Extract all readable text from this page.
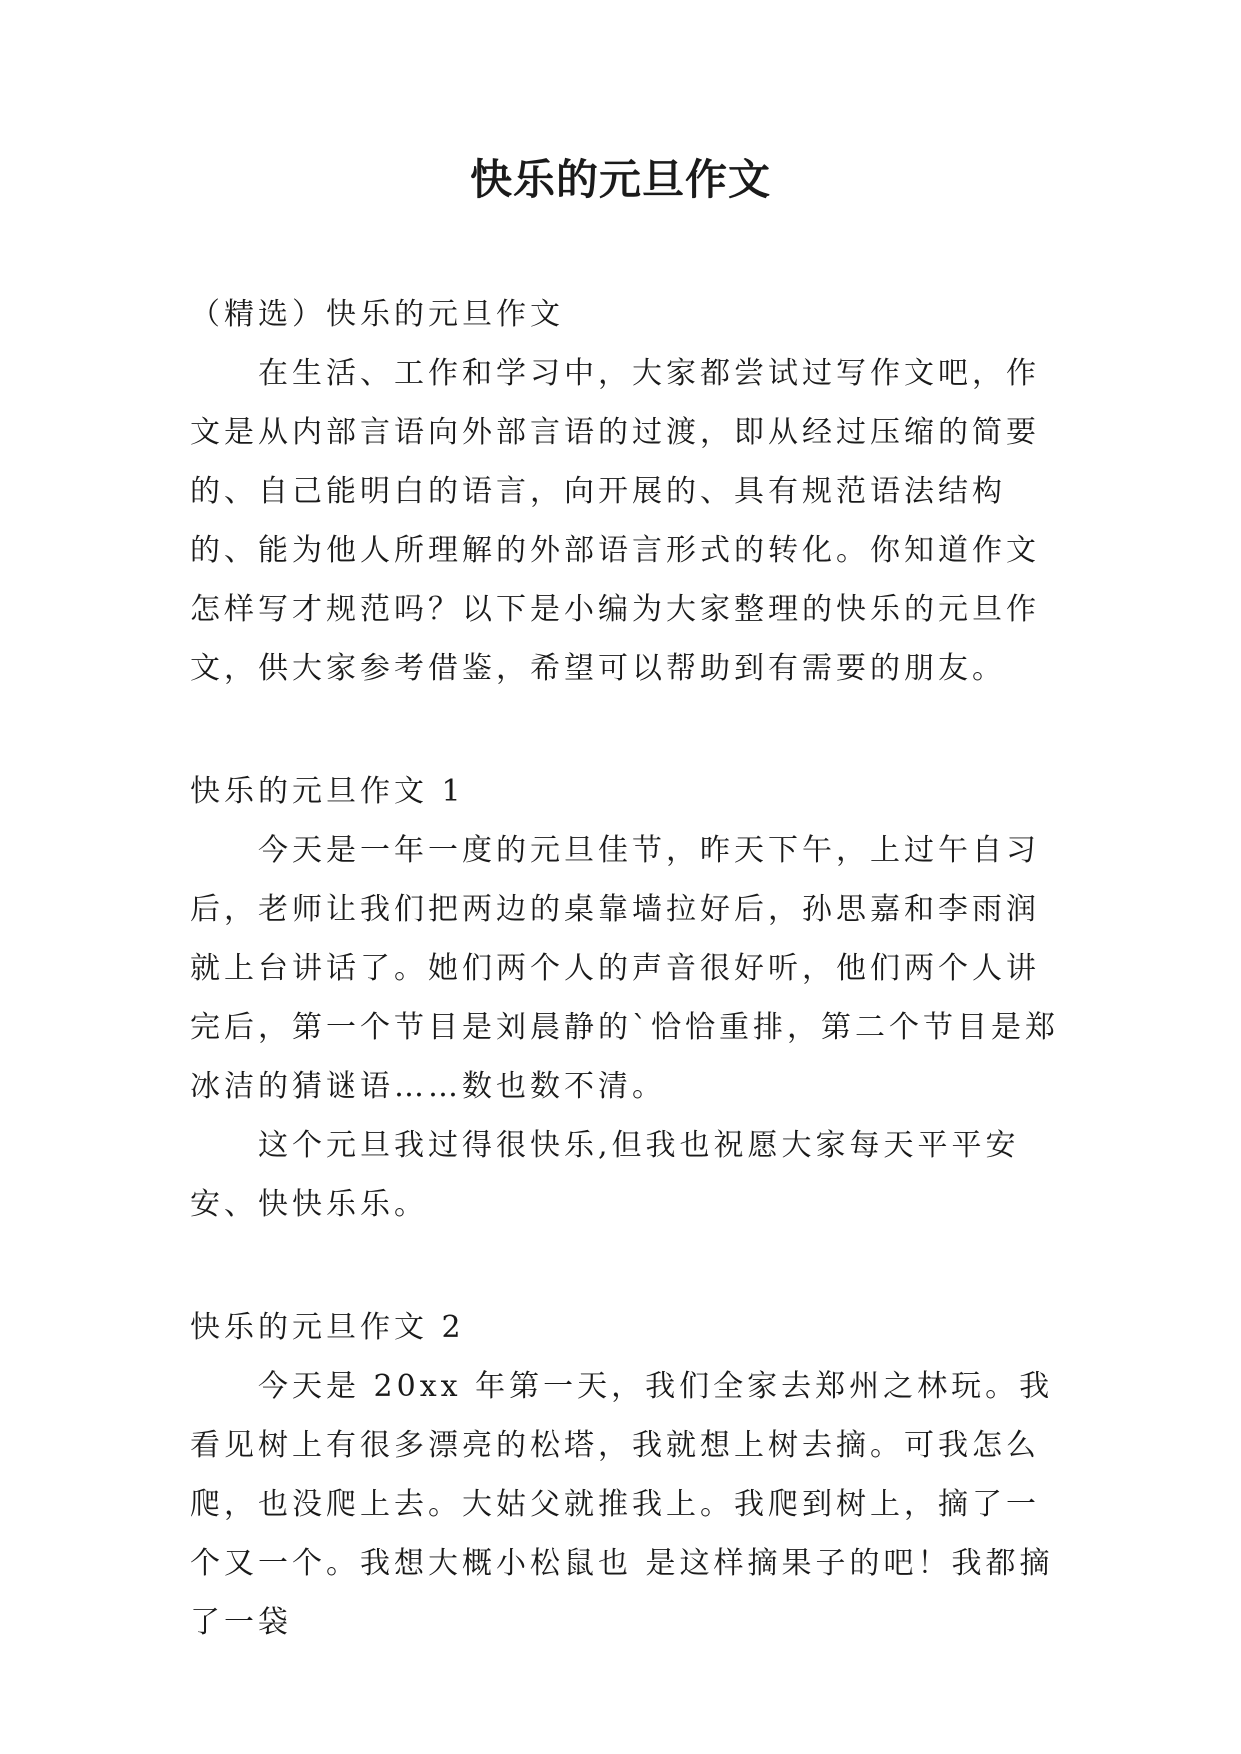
快乐的元旦作文

（精选）快乐的元旦作文

在生活、工作和学习中，大家都尝试过写作文吧，作文是从内部言语向外部言语的过渡，即从经过压缩的简要的、自己能明白的语言，向开展的、具有规范语法结构的、能为他人所理解的外部语言形式的转化。你知道作文怎样写才规范吗？以下是小编为大家整理的快乐的元旦作文，供大家参考借鉴，希望可以帮助到有需要的朋友。

快乐的元旦作文 1

今天是一年一度的元旦佳节，昨天下午，上过午自习后，老师让我们把两边的桌靠墙拉好后，孙思嘉和李雨润就上台讲话了。她们两个人的声音很好听，他们两个人讲完后，第一个节目是刘晨静的`恰恰重排，第二个节目是郑冰洁的猜谜语……数也数不清。

这个元旦我过得很快乐,但我也祝愿大家每天平平安安、快快乐乐。

快乐的元旦作文 2

今天是 20xx 年第一天，我们全家去郑州之林玩。我看见树上有很多漂亮的松塔，我就想上树去摘。可我怎么爬，也没爬上去。大姑父就推我上。我爬到树上，摘了一个又一个。我想大概小松鼠也 是这样摘果子的吧！我都摘了一袋
